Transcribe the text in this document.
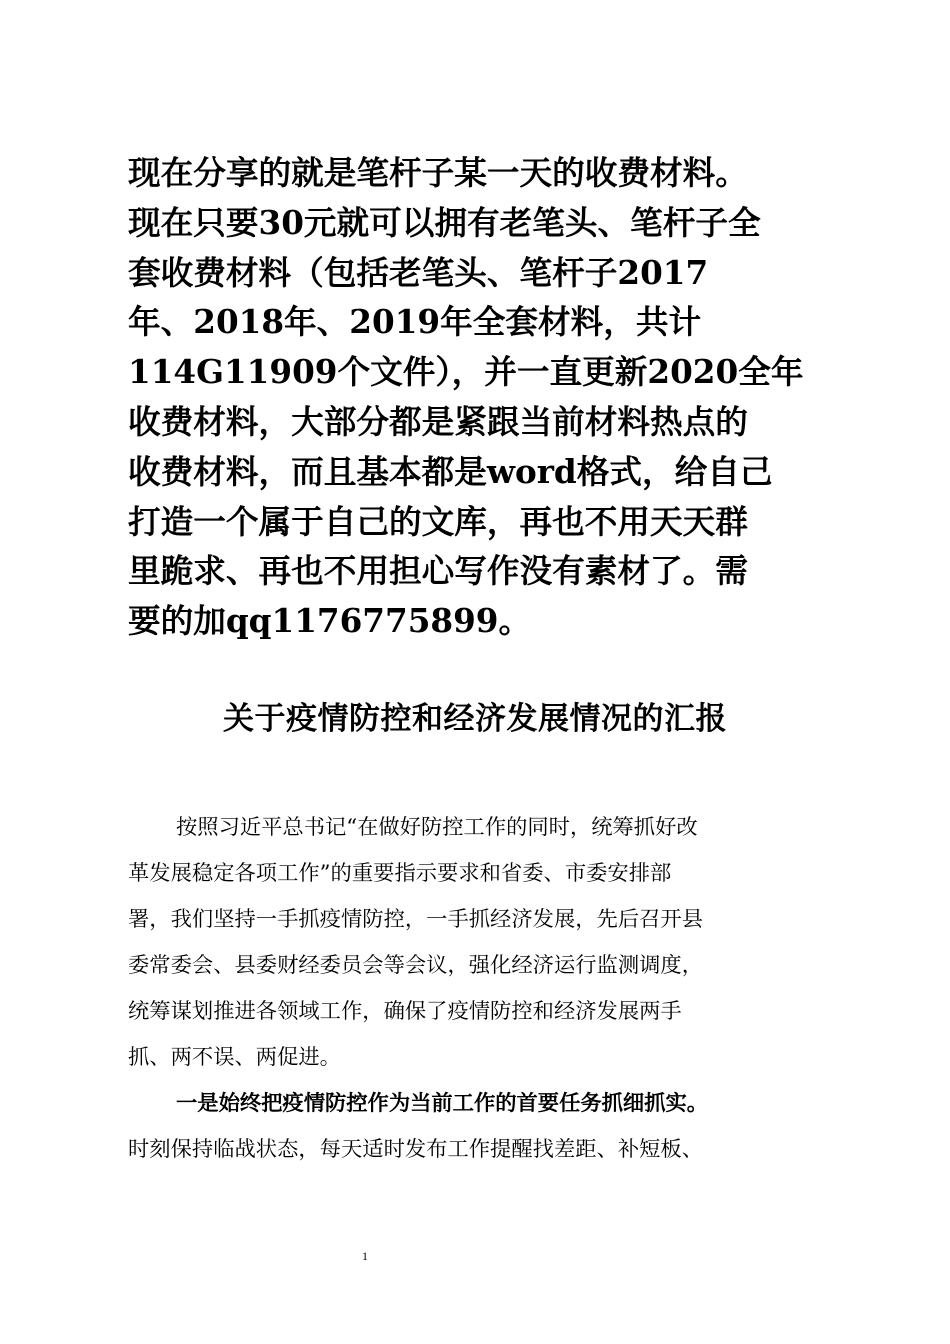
现在分享的就是笔杆子某一天的收费材料。
现在只要30元就可以拥有老笔头、笔杆子全
套收费材料（包括老笔头、笔杆子2017
年、2018年、2019年全套材料，共计
114G11909个文件），并一直更新2020全年
收费材料，大部分都是紧跟当前材料热点的
收费材料，而且基本都是word格式，给自己
打造一个属于自己的文库，再也不用天天群
里跪求、再也不用担心写作没有素材了。需
要的加qq1176775899。
关于疫情防控和经济发展情况的汇报
按照习近平总书记“在做好防控工作的同时，统筹抓好改
革发展稳定各项工作”的重要指示要求和省委、市委安排部
署，我们坚持一手抓疫情防控，一手抓经济发展，先后召开县
委常委会、县委财经委员会等会议，强化经济运行监测调度，
统筹谋划推进各领域工作，确保了疫情防控和经济发展两手
抓、两不误、两促进。
一是始终把疫情防控作为当前工作的首要任务抓细抓实。
时刻保持临战状态，每天适时发布工作提醒找差距、补短板、
1
